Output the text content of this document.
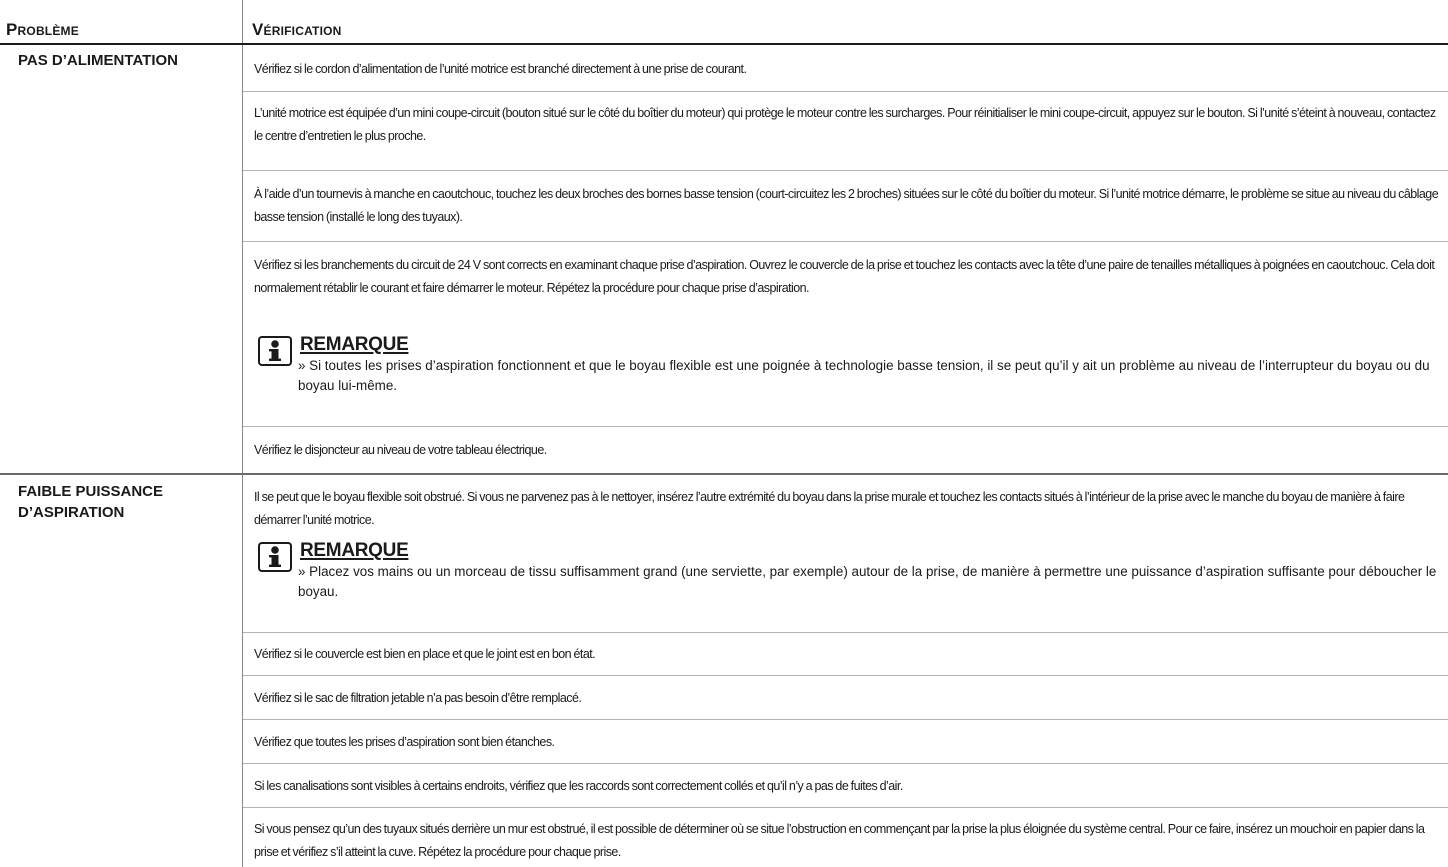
Problème	Vérification
PAS D’ALIMENTATION	Vérifiez si le cordon d’alimentation de l’unité motrice est branché directement à une prise de courant.
L’unité motrice est équipée d’un mini coupe-circuit (bouton situé sur le côté du boîtier du moteur) qui protège le moteur contre les surcharges. Pour réinitialiser le mini coupe-circuit, appuyez sur le bouton. Si l’unité s’éteint à nouveau, contactez le centre d’entretien le plus proche.
À l’aide d’un tournevis à manche en caoutchouc, touchez les deux broches des bornes basse tension (court-circuitez les 2 broches) situées sur le côté du boîtier du moteur. Si l’unité motrice démarre, le problème se situe au niveau du câblage basse tension (installé le long des tuyaux).
Vérifiez si les branchements du circuit de 24 V sont corrects en examinant chaque prise d’aspiration. Ouvrez le couvercle de la prise et touchez les contacts avec la tête d’une paire de tenailles métalliques à poignées en caoutchouc. Cela doit normalement rétablir le courant et faire démarrer le moteur. Répétez la procédure pour chaque prise d’aspiration.
REMARQUE
» Si toutes les prises d’aspiration fonctionnent et que le boyau flexible est une poignée à technologie basse tension, il se peut qu’il y ait un problème au niveau de l’interrupteur du boyau ou du boyau lui-même.
Vérifiez le disjoncteur au niveau de votre tableau électrique.
FAIBLE PUISSANCE D’ASPIRATION
Il se peut que le boyau flexible soit obstrué. Si vous ne parvenez pas à le nettoyer, insérez l’autre extrémité du boyau dans la prise murale et touchez les contacts situés à l’intérieur de la prise avec le manche du boyau de manière à faire démarrer l’unité motrice.
REMARQUE
» Placez vos mains ou un morceau de tissu suffisamment grand (une serviette, par exemple) autour de la prise, de manière à permettre une puissance d’aspiration suffisante pour déboucher le boyau.
Vérifiez si le couvercle est bien en place et que le joint est en bon état.
Vérifiez si le sac de filtration jetable n’a pas besoin d’être remplacé.
Vérifiez que toutes les prises d’aspiration sont bien étanches.
Si les canalisations sont visibles à certains endroits, vérifiez que les raccords sont correctement collés et qu’il n’y a pas de fuites d’air.
Si vous pensez qu’un des tuyaux situés derrière un mur est obstrué, il est possible de déterminer où se situe l’obstruction en commençant par la prise la plus éloignée du système central. Pour ce faire, insérez un mouchoir en papier dans la prise et vérifiez s’il atteint la cuve. Répétez la procédure pour chaque prise.
